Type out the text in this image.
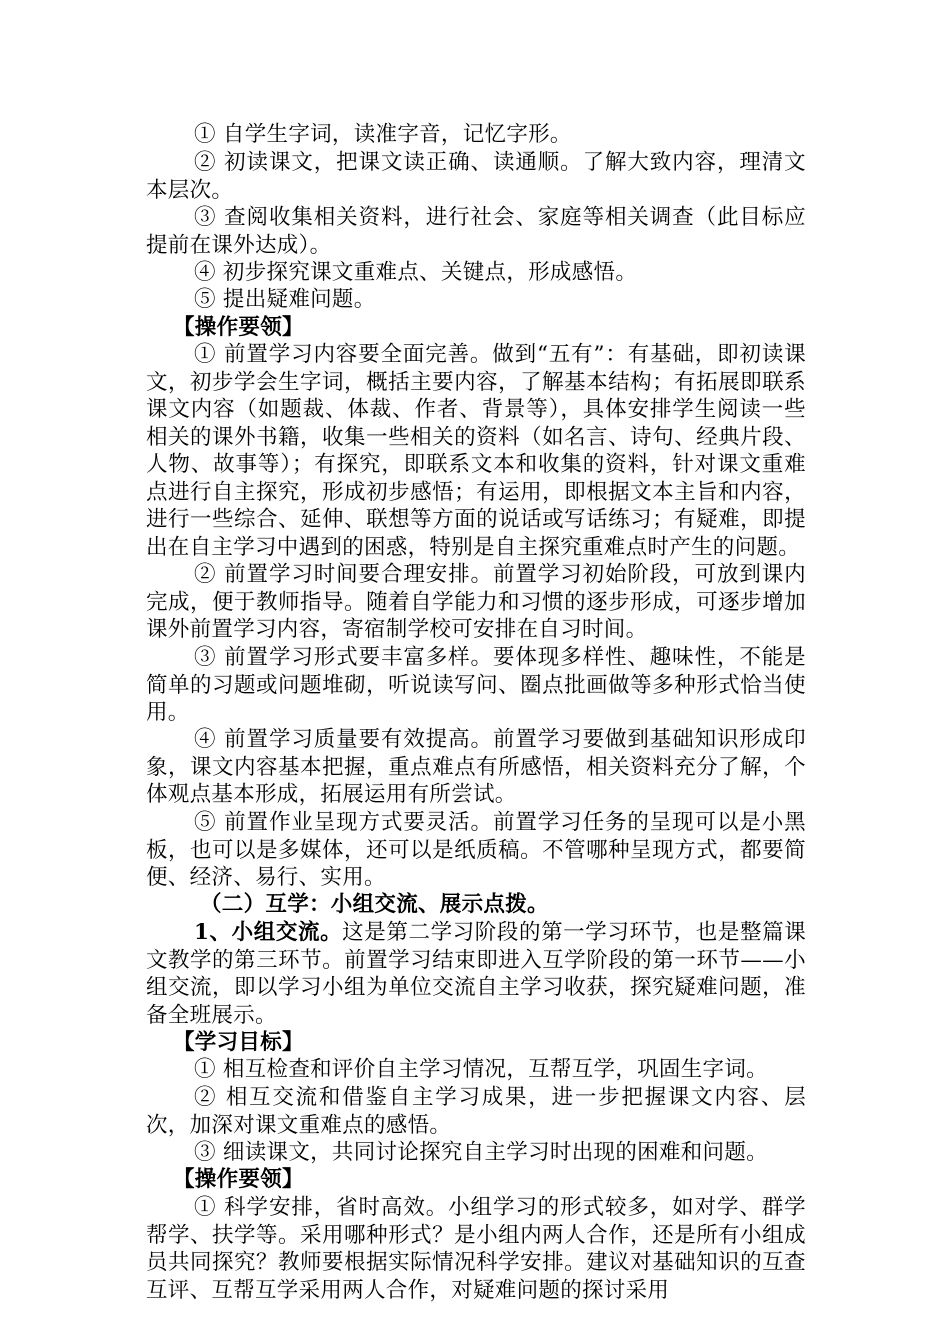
① 自学生字词，读准字音，记忆字形。

② 初读课文，把课文读正确、读通顺。了解大致内容，理清文本层次。

③ 查阅收集相关资料，进行社会、家庭等相关调查（此目标应提前在课外达成）。

④ 初步探究课文重难点、关键点，形成感悟。

⑤ 提出疑难问题。

【操作要领】

① 前置学习内容要全面完善。做到“五有”：有基础，即初读课文，初步学会生字词，概括主要内容，了解基本结构；有拓展即联系课文内容（如题裁、体裁、作者、背景等），具体安排学生阅读一些相关的课外书籍，收集一些相关的资料（如名言、诗句、经典片段、人物、故事等）；有探究，即联系文本和收集的资料，针对课文重难点进行自主探究，形成初步感悟；有运用，即根据文本主旨和内容，进行一些综合、延伸、联想等方面的说话或写话练习；有疑难，即提出在自主学习中遇到的困惑，特别是自主探究重难点时产生的问题。

② 前置学习时间要合理安排。前置学习初始阶段，可放到课内完成，便于教师指导。随着自学能力和习惯的逐步形成，可逐步增加课外前置学习内容，寄宿制学校可安排在自习时间。

③ 前置学习形式要丰富多样。要体现多样性、趣味性，不能是简单的习题或问题堆砌，听说读写问、圈点批画做等多种形式恰当使用。

④ 前置学习质量要有效提高。前置学习要做到基础知识形成印象，课文内容基本把握，重点难点有所感悟，相关资料充分了解，个体观点基本形成，拓展运用有所尝试。

⑤ 前置作业呈现方式要灵活。前置学习任务的呈现可以是小黑板，也可以是多媒体，还可以是纸质稿。不管哪种呈现方式，都要简便、经济、易行、实用。

（二）互学：小组交流、展示点拨。

1、小组交流。这是第二学习阶段的第一学习环节，也是整篇课文教学的第三环节。前置学习结束即进入互学阶段的第一环节——小组交流，即以学习小组为单位交流自主学习收获，探究疑难问题，准备全班展示。

【学习目标】

① 相互检查和评价自主学习情况，互帮互学，巩固生字词。

② 相互交流和借鉴自主学习成果，进一步把握课文内容、层次，加深对课文重难点的感悟。

③ 细读课文，共同讨论探究自主学习时出现的困难和问题。

【操作要领】

① 科学安排，省时高效。小组学习的形式较多，如对学、群学帮学、扶学等。采用哪种形式？是小组内两人合作，还是所有小组成员共同探究？教师要根据实际情况科学安排。建议对基础知识的互查互评、互帮互学采用两人合作，对疑难问题的探讨采用
